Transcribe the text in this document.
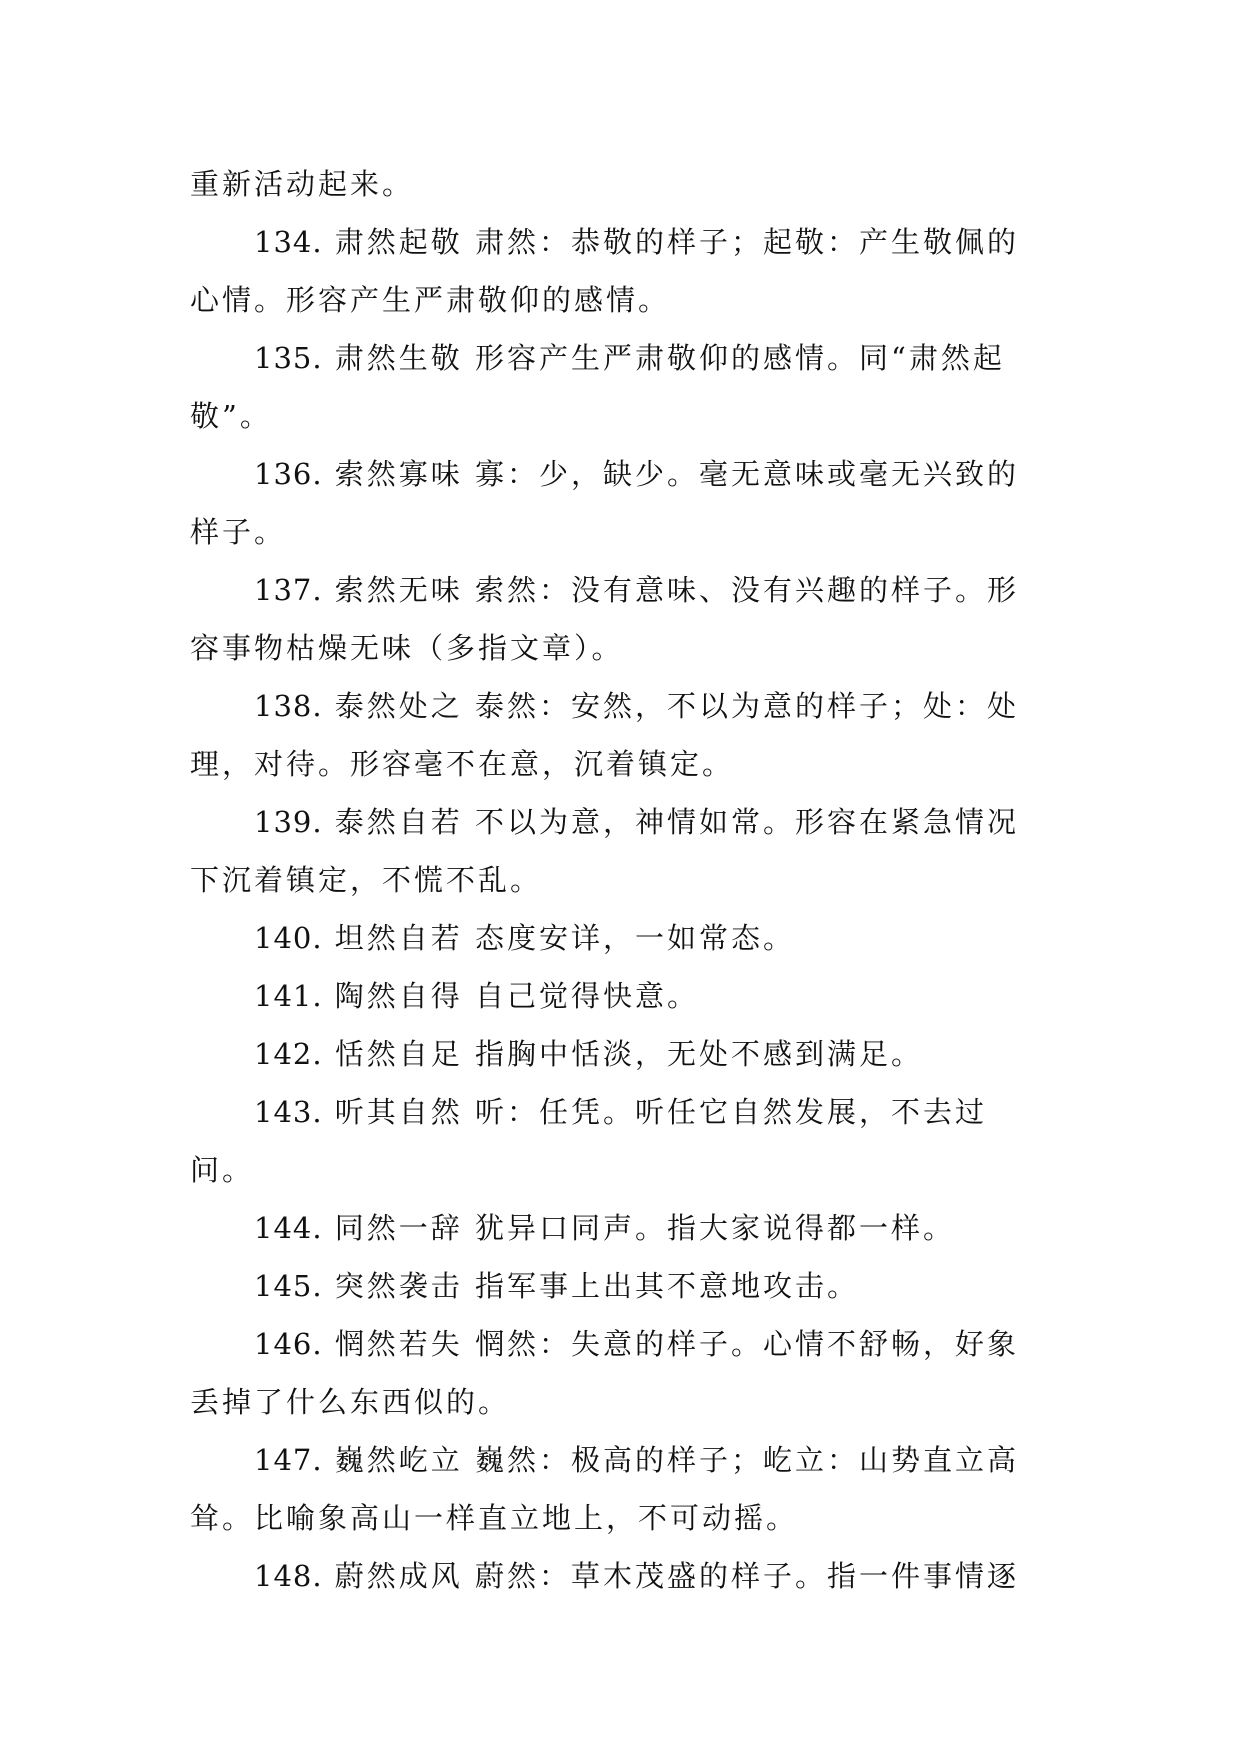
重新活动起来。

134. 肃然起敬 肃然：恭敬的样子；起敬：产生敬佩的心情。形容产生严肃敬仰的感情。

135. 肃然生敬 形容产生严肃敬仰的感情。同“肃然起敬”。

136. 索然寡味 寡：少，缺少。毫无意味或毫无兴致的样子。

137. 索然无味 索然：没有意味、没有兴趣的样子。形容事物枯燥无味（多指文章）。

138. 泰然处之 泰然：安然，不以为意的样子；处：处理，对待。形容毫不在意，沉着镇定。

139. 泰然自若 不以为意，神情如常。形容在紧急情况下沉着镇定，不慌不乱。

140. 坦然自若 态度安详，一如常态。

141. 陶然自得 自己觉得快意。

142. 恬然自足 指胸中恬淡，无处不感到满足。

143. 听其自然 听：任凭。听任它自然发展，不去过问。

144. 同然一辞 犹异口同声。指大家说得都一样。

145. 突然袭击 指军事上出其不意地攻击。

146. 惘然若失 惘然：失意的样子。心情不舒畅，好象丢掉了什么东西似的。

147. 巍然屹立 巍然：极高的样子；屹立：山势直立高耸。比喻象高山一样直立地上，不可动摇。

148. 蔚然成风 蔚然：草木茂盛的样子。指一件事情逐
